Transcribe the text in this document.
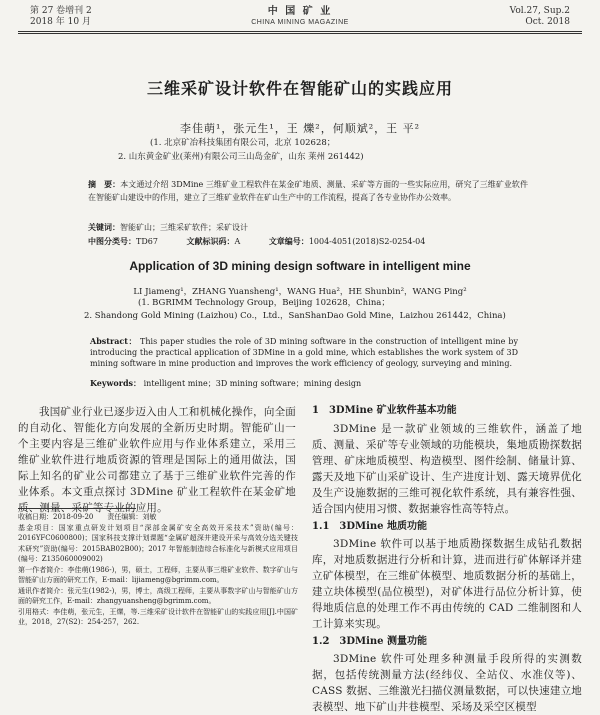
第 27 卷增刊 2
2018 年 10 月
中 国 矿 业
CHINA MINING MAGAZINE
Vol.27, Sup.2
Oct. 2018
三维采矿设计软件在智能矿山的实践应用
李佳萌¹，张元生¹，王 爍²，何顺斌²，王 平²
(1. 北京矿冶科技集团有限公司，北京 102628；
2. 山东黄金矿业(莱州)有限公司三山岛金矿，山东 莱州 261442)
摘　要：本文通过介绍 3DMine 三维矿业工程软件在某金矿地质、测量、采矿等方面的一些实际应用，研究了三维矿业软件在智能矿山建设中的作用，建立了三维矿业软件在矿山生产中的工作流程，提高了各专业协作办公效率。
关键词：智能矿山；三维采矿软件；采矿设计
中图分类号：TD67	文献标识码：A	文章编号：1004-4051(2018)S2-0254-04
Application of 3D mining design software in intelligent mine
LI Jiameng¹，ZHANG Yuansheng¹，WANG Hua²，HE Shunbin²，WANG Ping²
(1. BGRIMM Technology Group，Beijing 102628，China；
2. Shandong Gold Mining (Laizhou) Co.，Ltd.，SanShanDao Gold Mine，Laizhou 261442，China)
Abstract： This paper studies the role of 3D mining software in the construction of intelligent mine by introducing the practical application of 3DMine in a gold mine, which establishes the work system of 3D mining software in mine production and improves the work efficiency of geology, surveying and mining.
Keywords： intelligent mine；3D mining software；mining design
我国矿业行业已逐步迈入由人工和机械化操作，向全面的自动化、智能化方向发展的全新历史时期。智能矿山一个主要内容是三维矿业软件应用与作业体系建立，采用三维矿业软件进行地质资源的管理是国际上的通用做法，国际上知名的矿业公司都建立了基于三维矿业软件完善的作业体系。本文重点探讨 3DMine 矿业工程软件在某金矿地质、测量、采矿等专业的应用。
收稿日期：2018-09-20　　责任编辑：刘敏
基金项目：国家重点研发计划项目“深部金属矿安全高效开采技术”资助(编号：2016YFC0600800)；国家科技支撑计划课题“金属矿超深井建设开采与高效分选关键技术研究”资助(编号：2015BAB02B00)；2017 年智能制造综合标准化与新模式应用项目(编号：Z135060009002)
第一作者简介：李佳萌(1986-)，男，硕士，工程师，主要从事三维矿业软件、数字矿山与智能矿山方面的研究工作，E-mail：lijiameng@bgrimm.com。
通讯作者简介：张元生(1982-)，男，博士，高级工程师，主要从事数字矿山与智能矿山方面的研究工作，E-mail：zhangyuansheng@bgrimm.com。
引用格式：李佳萌，张元生，王爍，等.三维采矿设计软件在智能矿山的实践应用[J].中国矿业，2018，27(S2)：254-257，262.
1　3DMine 矿业软件基本功能
3DMine 是一款矿业领域的三维软件，涵盖了地质、测量、采矿等专业领域的功能模块，集地质勘探数据管理、矿床地质模型、构造模型、图件绘制、储量计算、露天及地下矿山采矿设计、生产进度计划、露天境界优化及生产设施数据的三维可视化软件系统，具有兼容性强、适合国内使用习惯、数据兼容性高等特点。
1.1　3DMine 地质功能
3DMine 软件可以基于地质勘探数据生成钻孔数据库，对地质数据进行分析和计算，进而进行矿体解译并建立矿体模型，在三维矿体模型、地质数据分析的基础上，建立块体模型(品位模型)，对矿体进行品位分析计算，使得地质信息的处理工作不再由传统的 CAD 二维制图和人工计算来实现。
1.2　3DMine 测量功能
3DMine 软件可处理多种测量手段所得的实测数据，包括传统测量方法(经纬仪、全站仪、水准仪等)、CASS 数据、三维激光扫描仪测量数据，可以快速建立地表模型、地下矿山井巷模型、采场及采空区模型
